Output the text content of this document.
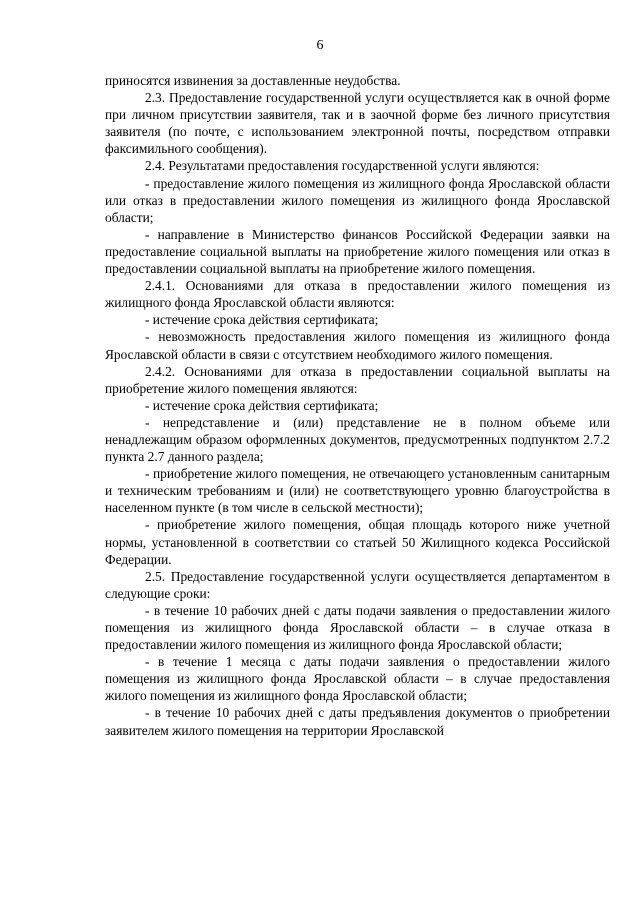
6

приносятся извинения за доставленные неудобства.

2.3. Предоставление государственной услуги осуществляется как в очной форме при личном присутствии заявителя, так и в заочной форме без личного присутствия заявителя (по почте, с использованием электронной почты, посредством отправки факсимильного сообщения).

2.4. Результатами предоставления государственной услуги являются:

- предоставление жилого помещения из жилищного фонда Ярославской области или отказ в предоставлении жилого помещения из жилищного фонда Ярославской области;

- направление в Министерство финансов Российской Федерации заявки на предоставление социальной выплаты на приобретение жилого помещения или отказ в предоставлении социальной выплаты на приобретение жилого помещения.

2.4.1. Основаниями для отказа в предоставлении жилого помещения из жилищного фонда Ярославской области являются:

- истечение срока действия сертификата;

- невозможность предоставления жилого помещения из жилищного фонда Ярославской области в связи с отсутствием необходимого жилого помещения.

2.4.2. Основаниями для отказа в предоставлении социальной выплаты на приобретение жилого помещения являются:

- истечение срока действия сертификата;

- непредставление и (или) представление не в полном объеме или ненадлежащим образом оформленных документов, предусмотренных подпунктом 2.7.2 пункта 2.7 данного раздела;

- приобретение жилого помещения, не отвечающего установленным санитарным и техническим требованиям и (или) не соответствующего уровню благоустройства в населенном пункте (в том числе в сельской местности);

- приобретение жилого помещения, общая площадь которого ниже учетной нормы, установленной в соответствии со статьей 50 Жилищного кодекса Российской Федерации.

2.5. Предоставление государственной услуги осуществляется департаментом в следующие сроки:

- в течение 10 рабочих дней с даты подачи заявления о предоставлении жилого помещения из жилищного фонда Ярославской области – в случае отказа в предоставлении жилого помещения из жилищного фонда Ярославской области;

- в течение 1 месяца с даты подачи заявления о предоставлении жилого помещения из жилищного фонда Ярославской области – в случае предоставления жилого помещения из жилищного фонда Ярославской области;

- в течение 10 рабочих дней с даты предъявления документов о приобретении заявителем жилого помещения на территории Ярославской
